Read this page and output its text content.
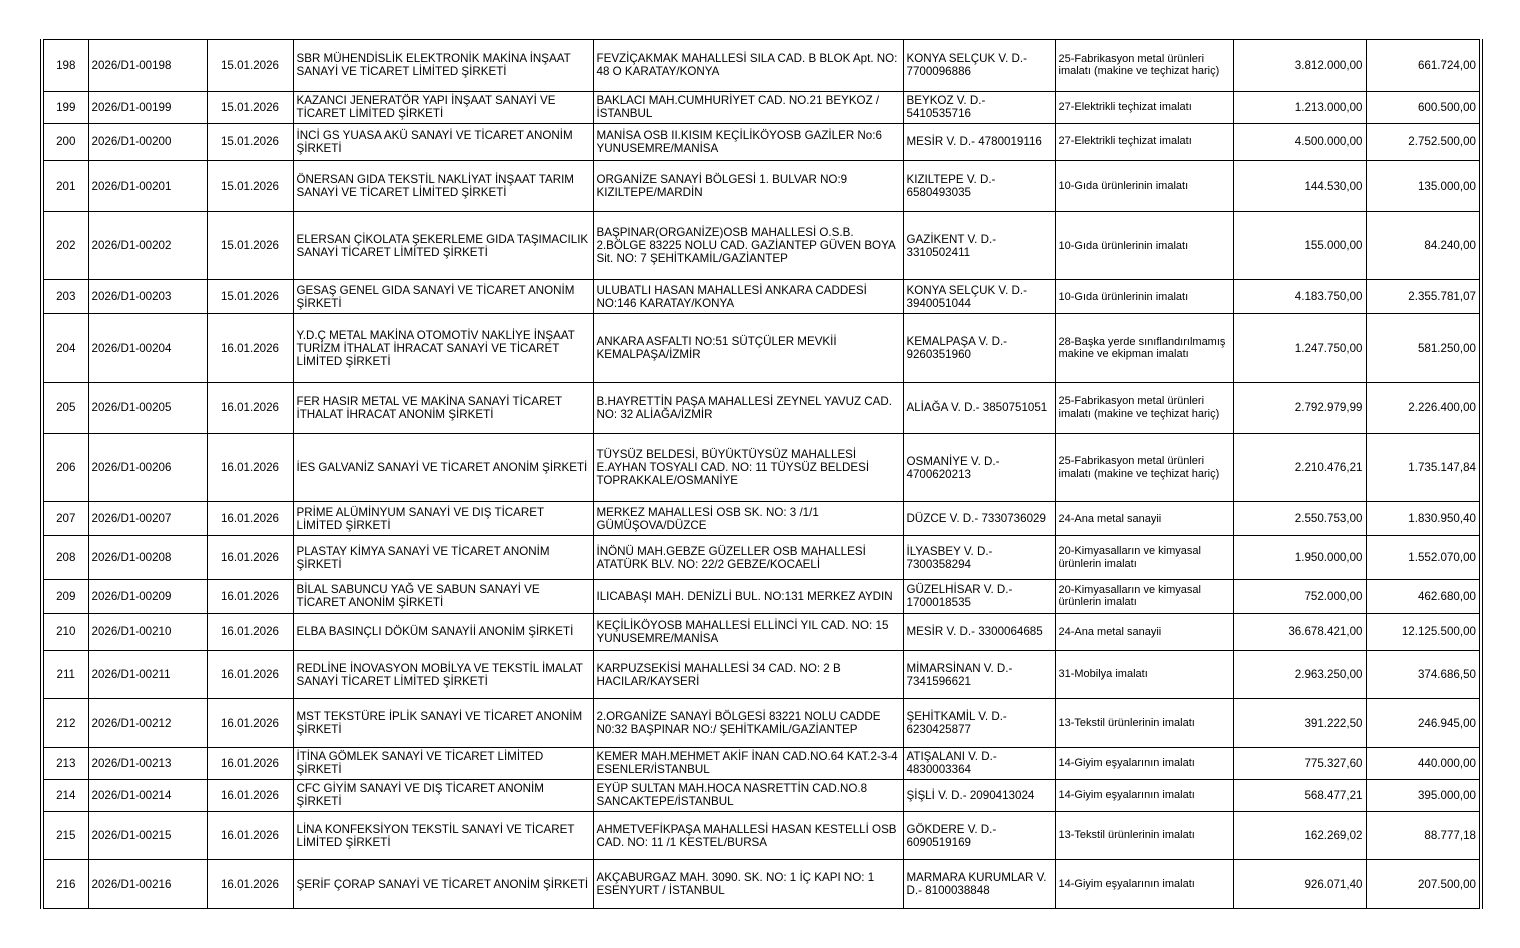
198	2026/D1-00198	15.01.2026	SBR MÜHENDİSLİK ELEKTRONİK MAKİNA İNŞAAT SANAYİ VE TİCARET LİMİTED ŞİRKETİ	FEVZİÇAKMAK MAHALLESİ SILA CAD. B BLOK Apt. NO: 48 O KARATAY/KONYA	KONYA SELÇUK V. D.- 7700096886	25-Fabrikasyon metal ürünleri imalatı (makine ve teçhizat hariç)	3.812.000,00	661.724,00
199	2026/D1-00199	15.01.2026	KAZANCI JENERATÖR YAPI İNŞAAT SANAYİ VE TİCARET LİMİTED ŞİRKETİ	BAKLACI MAH.CUMHURİYET CAD. NO.21 BEYKOZ / İSTANBUL	BEYKOZ V. D.- 5410535716	27-Elektrikli teçhizat imalatı	1.213.000,00	600.500,00
200	2026/D1-00200	15.01.2026	İNCİ GS YUASA AKÜ SANAYİ VE TİCARET ANONİM ŞİRKETİ	MANİSA OSB II.KISIM KEÇİLİKÖYOSB GAZİLER No:6 YUNUSEMRE/MANİSA	MESİR V. D.- 4780019116	27-Elektrikli teçhizat imalatı	4.500.000,00	2.752.500,00
201	2026/D1-00201	15.01.2026	ÖNERSAN GIDA TEKSTİL NAKLİYAT İNŞAAT TARIM SANAYİ VE TİCARET LİMİTED ŞİRKETİ	ORGANİZE SANAYİ BÖLGESİ 1. BULVAR NO:9 KIZILTEPE/MARDİN	KIZILTEPE V. D.- 6580493035	10-Gıda ürünlerinin imalatı	144.530,00	135.000,00
202	2026/D1-00202	15.01.2026	ELERSAN ÇİKOLATA ŞEKERLEME GIDA TAŞIMACILIK SANAYİ TİCARET LİMİTED ŞİRKETİ	BAŞPINAR(ORGANİZE)OSB MAHALLESİ O.S.B. 2.BÖLGE 83225 NOLU CAD. GAZİANTEP GÜVEN BOYA Sit. NO: 7 ŞEHİTKAMİL/GAZİANTEP	GAZİKENT V. D.- 3310502411	10-Gıda ürünlerinin imalatı	155.000,00	84.240,00
203	2026/D1-00203	15.01.2026	GESAŞ GENEL GIDA SANAYİ VE TİCARET ANONİM ŞİRKETİ	ULUBATLI HASAN MAHALLESİ ANKARA CADDESİ NO:146 KARATAY/KONYA	KONYA SELÇUK V. D.- 3940051044	10-Gıda ürünlerinin imalatı	4.183.750,00	2.355.781,07
204	2026/D1-00204	16.01.2026	Y.D.Ç METAL MAKİNA OTOMOTİV NAKLİYE İNŞAAT TURİZM İTHALAT İHRACAT SANAYİ VE TİCARET LİMİTED ŞİRKETİ	ANKARA ASFALTI NO:51 SÜTÇÜLER MEVKİİ KEMALPAŞA/İZMİR	KEMALPAŞA V. D.- 9260351960	28-Başka yerde sınıflandırılmamış makine ve ekipman imalatı	1.247.750,00	581.250,00
205	2026/D1-00205	16.01.2026	FER HASIR METAL VE MAKİNA SANAYİ TİCARET İTHALAT İHRACAT ANONİM ŞİRKETİ	B.HAYRETTİN PAŞA MAHALLESİ ZEYNEL YAVUZ CAD. NO: 32 ALİAĞA/İZMİR	ALİAĞA V. D.- 3850751051	25-Fabrikasyon metal ürünleri imalatı (makine ve teçhizat hariç)	2.792.979,99	2.226.400,00
206	2026/D1-00206	16.01.2026	İES GALVANİZ SANAYİ VE TİCARET ANONİM ŞİRKETİ	TÜYSÜZ BELDESİ, BÜYÜKTÜYSÜZ MAHALLESİ E.AYHAN TOSYALI CAD. NO: 11 TÜYSÜZ BELDESİ TOPRAKKALE/OSMANİYE	OSMANİYE V. D.- 4700620213	25-Fabrikasyon metal ürünleri imalatı (makine ve teçhizat hariç)	2.210.476,21	1.735.147,84
207	2026/D1-00207	16.01.2026	PRİME ALÜMİNYUM SANAYİ VE DIŞ TİCARET LİMİTED ŞİRKETİ	MERKEZ MAHALLESİ OSB SK. NO: 3 /1/1 GÜMÜŞOVA/DÜZCE	DÜZCE V. D.- 7330736029	24-Ana metal sanayii	2.550.753,00	1.830.950,40
208	2026/D1-00208	16.01.2026	PLASTAY KİMYA SANAYİ VE TİCARET ANONİM ŞİRKETİ	İNÖNÜ MAH.GEBZE GÜZELLER OSB MAHALLESİ ATATÜRK BLV. NO: 22/2 GEBZE/KOCAELİ	İLYASBEY V. D.- 7300358294	20-Kimyasalların ve kimyasal ürünlerin imalatı	1.950.000,00	1.552.070,00
209	2026/D1-00209	16.01.2026	BİLAL SABUNCU YAĞ VE SABUN SANAYİ VE TİCARET ANONİM ŞİRKETİ	ILICABAŞI MAH. DENİZLİ BUL. NO:131 MERKEZ AYDIN	GÜZELHİSAR V. D.- 1700018535	20-Kimyasalların ve kimyasal ürünlerin imalatı	752.000,00	462.680,00
210	2026/D1-00210	16.01.2026	ELBA BASINÇLI DÖKÜM SANAYİİ ANONİM ŞİRKETİ	KEÇİLİKÖYOSB MAHALLESİ ELLİNCİ YIL CAD. NO: 15 YUNUSEMRE/MANİSA	MESİR V. D.- 3300064685	24-Ana metal sanayii	36.678.421,00	12.125.500,00
211	2026/D1-00211	16.01.2026	REDLİNE İNOVASYON MOBİLYA VE TEKSTİL İMALAT SANAYİ TİCARET LİMİTED ŞİRKETİ	KARPUZSEKİSİ MAHALLESİ 34 CAD. NO: 2 B HACILAR/KAYSERİ	MİMARSİNAN V. D.- 7341596621	31-Mobilya imalatı	2.963.250,00	374.686,50
212	2026/D1-00212	16.01.2026	MST TEKSTÜRE İPLİK SANAYİ VE TİCARET ANONİM ŞİRKETİ	2.ORGANİZE SANAYİ BÖLGESİ 83221 NOLU CADDE N0:32 BAŞPINAR NO:/ ŞEHİTKAMİL/GAZİANTEP	ŞEHİTKAMİL V. D.- 6230425877	13-Tekstil ürünlerinin imalatı	391.222,50	246.945,00
213	2026/D1-00213	16.01.2026	İTİNA GÖMLEK SANAYİ VE TİCARET LİMİTED ŞİRKETİ	KEMER MAH.MEHMET AKİF İNAN CAD.NO.64 KAT.2-3-4 ESENLER/İSTANBUL	ATIŞALANI V. D.- 4830003364	14-Giyim eşyalarının imalatı	775.327,60	440.000,00
214	2026/D1-00214	16.01.2026	CFC GİYİM SANAYİ VE DIŞ TİCARET ANONİM ŞİRKETİ	EYÜP SULTAN MAH.HOCA NASRETTİN CAD.NO.8 SANCAKTEPE/İSTANBUL	ŞİŞLİ V. D.- 2090413024	14-Giyim eşyalarının imalatı	568.477,21	395.000,00
215	2026/D1-00215	16.01.2026	LİNA KONFEKSİYON TEKSTİL SANAYİ VE TİCARET LİMİTED ŞİRKETİ	AHMETVEFİKPAŞA MAHALLESİ HASAN KESTELLİ OSB CAD. NO: 11 /1 KESTEL/BURSA	GÖKDERE V. D.- 6090519169	13-Tekstil ürünlerinin imalatı	162.269,02	88.777,18
216	2026/D1-00216	16.01.2026	ŞERİF ÇORAP SANAYİ VE TİCARET ANONİM ŞİRKETİ	AKÇABURGAZ MAH. 3090. SK. NO: 1 İÇ KAPI NO: 1 ESENYURT / İSTANBUL	MARMARA KURUMLAR V. D.- 8100038848	14-Giyim eşyalarının imalatı	926.071,40	207.500,00
